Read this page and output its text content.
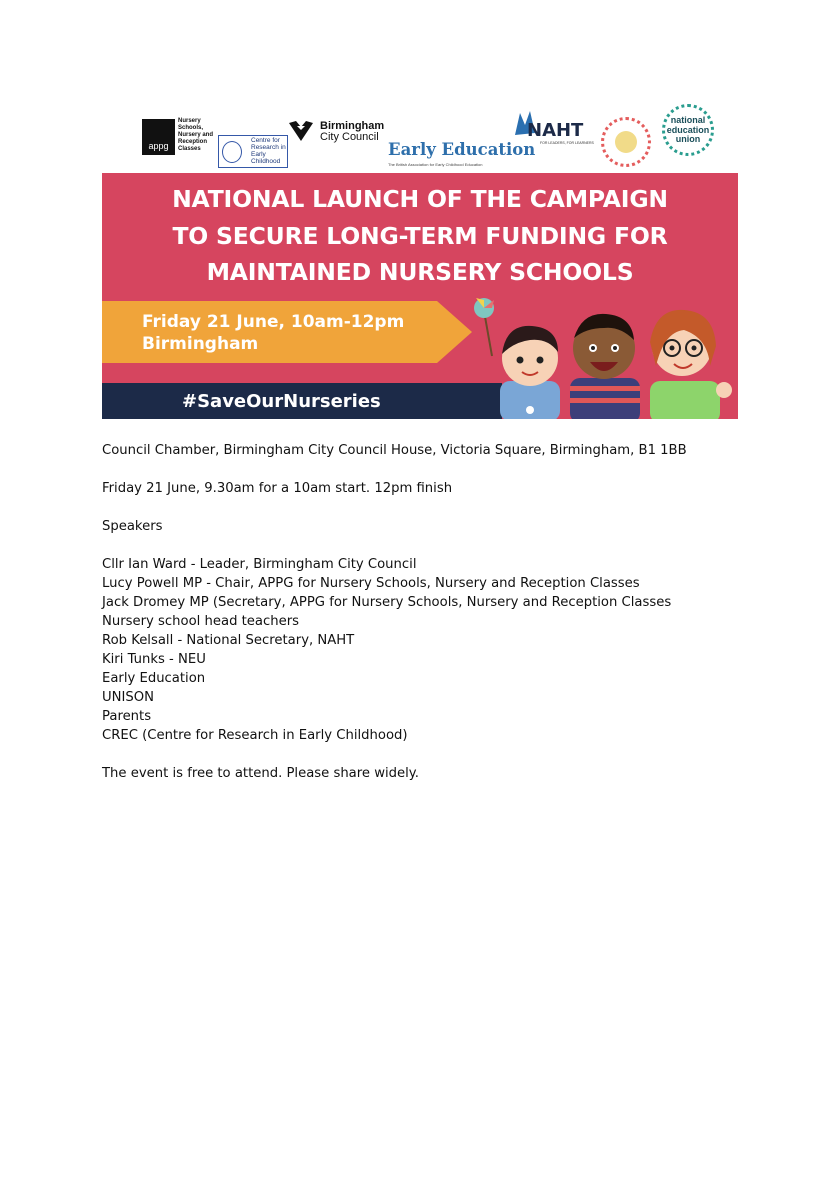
appg
Nursery
Schools,
Nursery and
Reception
Classes
Centre for
Research in
Early
Childhood
Birmingham
City Council
Early Education
The British Association for Early Childhood Education
NAHT
FOR LEADERS, FOR LEARNERS
national
education
union
NATIONAL LAUNCH OF THE CAMPAIGN
TO SECURE LONG-TERM FUNDING FOR
MAINTAINED NURSERY SCHOOLS
Friday 21 June, 10am-12pm
Birmingham
#SaveOurNurseries
Council Chamber, Birmingham City Council House, Victoria Square, Birmingham, B1 1BB
Friday 21 June, 9.30am for a 10am start. 12pm finish
Speakers
Cllr Ian Ward - Leader, Birmingham City Council
Lucy Powell MP - Chair, APPG for Nursery Schools, Nursery and Reception Classes
Jack Dromey MP (Secretary, APPG for Nursery Schools, Nursery and Reception Classes
Nursery school head teachers
Rob Kelsall - National Secretary, NAHT
Kiri Tunks - NEU
Early Education
UNISON
Parents
CREC (Centre for Research in Early Childhood)
The event is free to attend. Please share widely.
